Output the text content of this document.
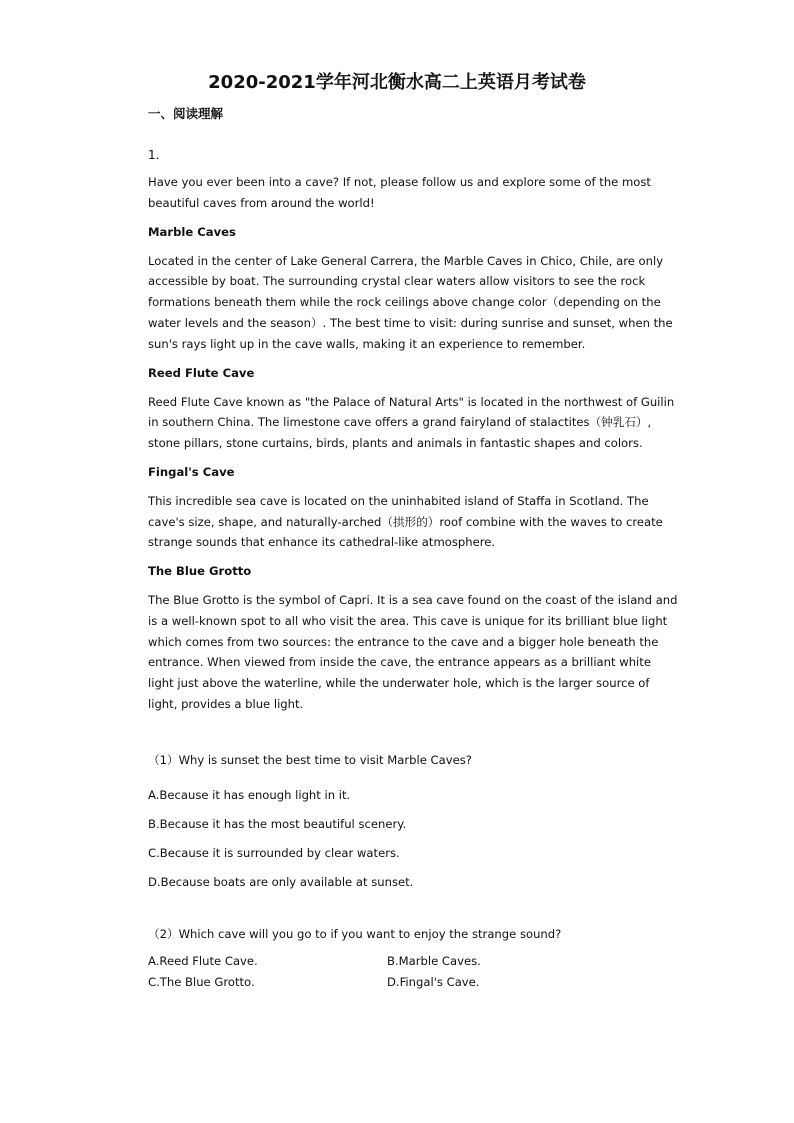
2020-2021学年河北衡水高二上英语月考试卷
一、阅读理解
1.

Have you ever been into a cave? If not, please follow us and explore some of the most beautiful caves from around the world!

Marble Caves

Located in the center of Lake General Carrera, the Marble Caves in Chico, Chile, are only accessible by boat. The surrounding crystal clear waters allow visitors to see the rock formations beneath them while the rock ceilings above change color（depending on the water levels and the season）. The best time to visit: during sunrise and sunset, when the sun's rays light up in the cave walls, making it an experience to remember.

Reed Flute Cave

Reed Flute Cave known as "the Palace of Natural Arts" is located in the northwest of Guilin in southern China. The limestone cave offers a grand fairyland of stalactites（钟乳石）, stone pillars, stone curtains, birds, plants and animals in fantastic shapes and colors.

Fingal's Cave

This incredible sea cave is located on the uninhabited island of Staffa in Scotland. The cave's size, shape, and naturally-arched（拱形的）roof combine with the waves to create strange sounds that enhance its cathedral-like atmosphere.

The Blue Grotto

The Blue Grotto is the symbol of Capri. It is a sea cave found on the coast of the island and is a well-known spot to all who visit the area. This cave is unique for its brilliant blue light which comes from two sources: the entrance to the cave and a bigger hole beneath the entrance. When viewed from inside the cave, the entrance appears as a brilliant white light just above the waterline, while the underwater hole, which is the larger source of light, provides a blue light.

（1）Why is sunset the best time to visit Marble Caves?
A.Because it has enough light in it.
B.Because it has the most beautiful scenery.
C.Because it is surrounded by clear waters.
D.Because boats are only available at sunset.
（2）Which cave will you go to if you want to enjoy the strange sound?
A.Reed Flute Cave.	B.Marble Caves.
C.The Blue Grotto.	D.Fingal's Cave.
